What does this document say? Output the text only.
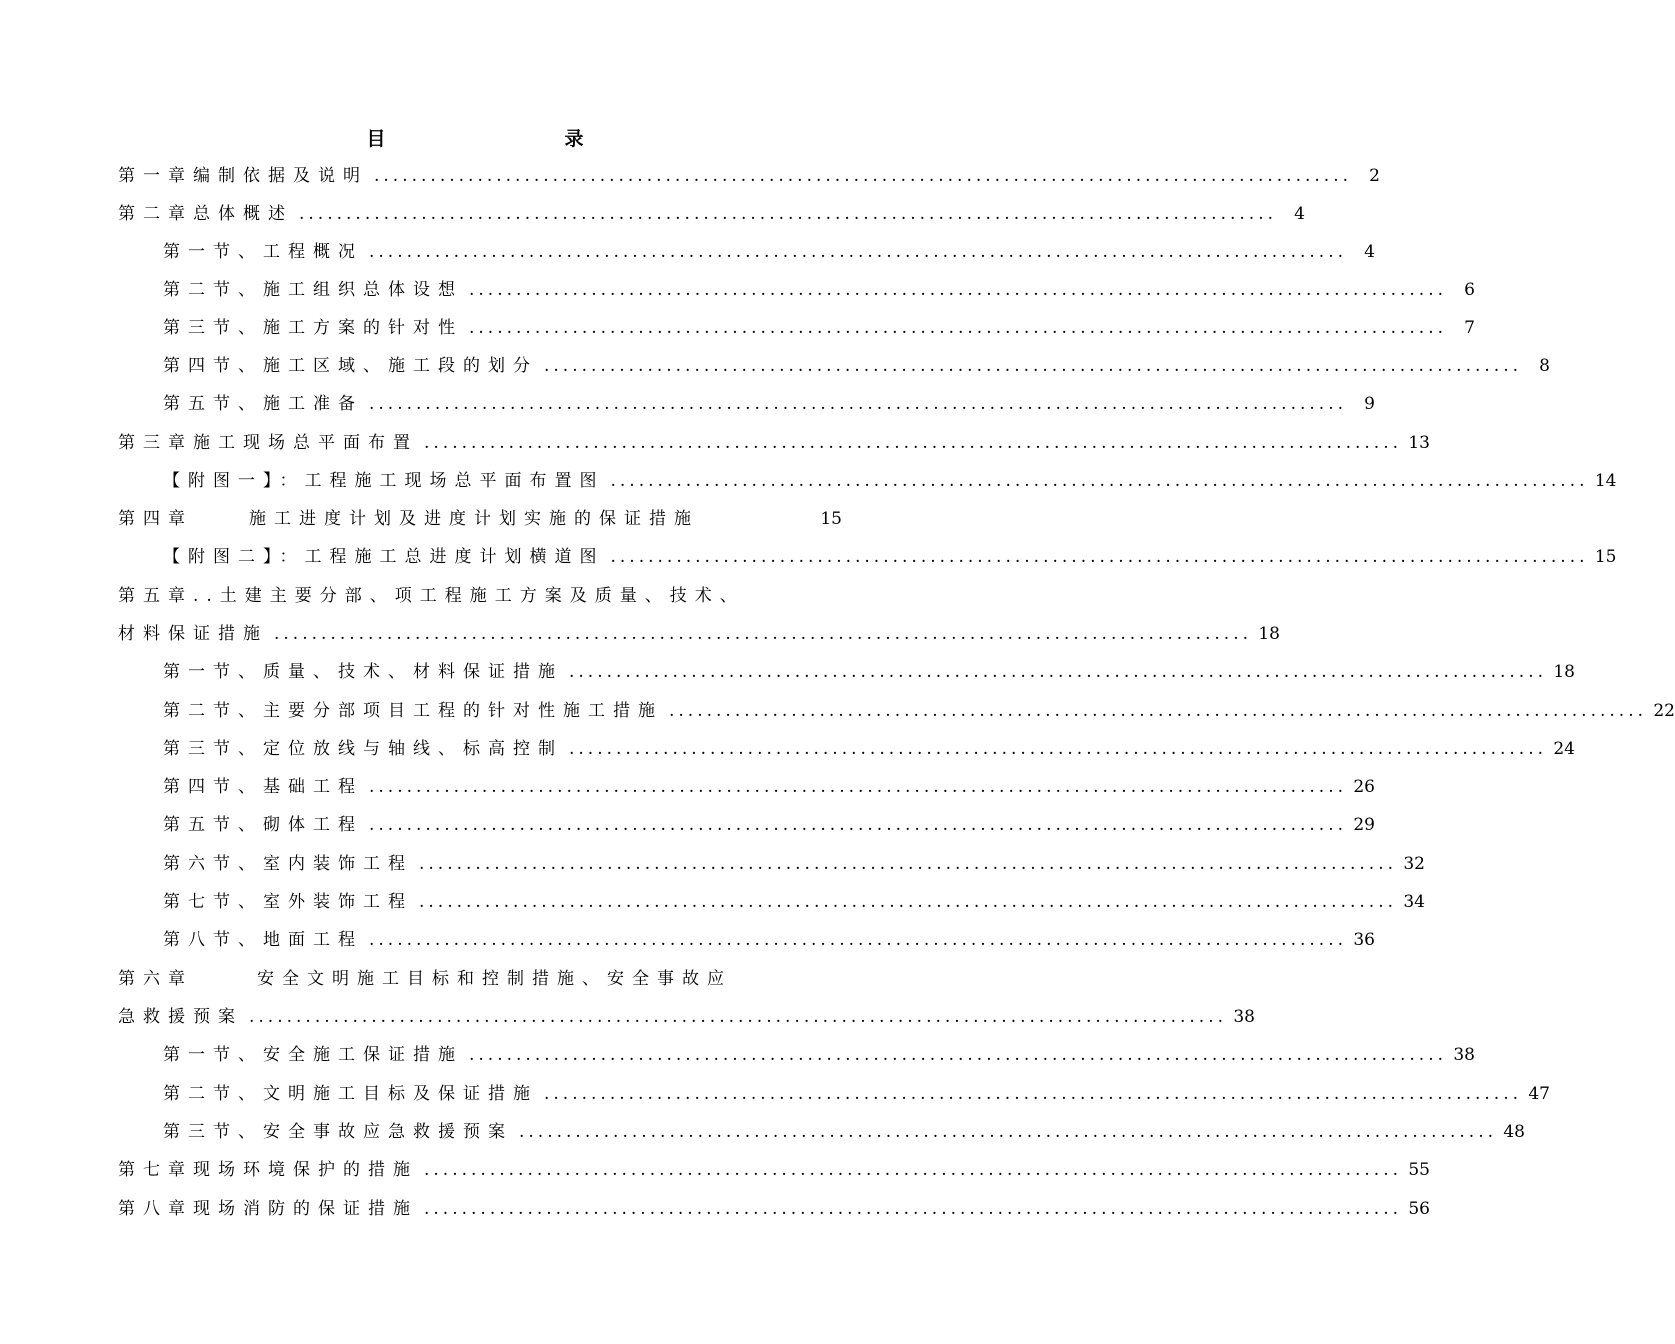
目　录
第一章 编制依据及说明 ........................................................................................................	2
第二章 总体概述 ........................................................................................................	4
第一节、工程概况 ........................................................................................................	4
第二节、施工组织总体设想 ........................................................................................................	6
第三节、施工方案的针对性 ........................................................................................................	7
第四节、施工区域、施工段的划分 ........................................................................................................	8
第五节、施工准备 ........................................................................................................	9
第三章 施工现场总平面布置 ........................................................................................................ 13
【附图一】：工程施工现场总平面布置图 ........................................................................................................ 14
第四章	施工进度计划及进度计划实施的保证措施	15
【附图二】：工程施工总进度计划横道图 ........................................................................................................ 15
第五章..土建主要分部、项工程施工方案及质量、技术、
材料保证措施 ........................................................................................................ 18
第一节、质量、技术、材料保证措施 ........................................................................................................ 18
第二节、主要分部项目工程的针对性施工措施 ........................................................................................................ 22
第三节、定位放线与轴线、标高控制 ........................................................................................................ 24
第四节、基础工程 ........................................................................................................ 26
第五节、砌体工程 ........................................................................................................ 29
第六节、室内装饰工程 ........................................................................................................ 32
第七节、室外装饰工程 ........................................................................................................ 34
第八节、地面工程 ........................................................................................................ 36
第六章	安全文明施工目标和控制措施、安全事故应
急救援预案 ........................................................................................................ 38
第一节、安全施工保证措施 ........................................................................................................ 38
第二节、文明施工目标及保证措施 ........................................................................................................ 47
第三节、安全事故应急救援预案 ........................................................................................................ 48
第七章 现场环境保护的措施 ........................................................................................................ 55
第八章 现场消防的保证措施 ........................................................................................................ 56
